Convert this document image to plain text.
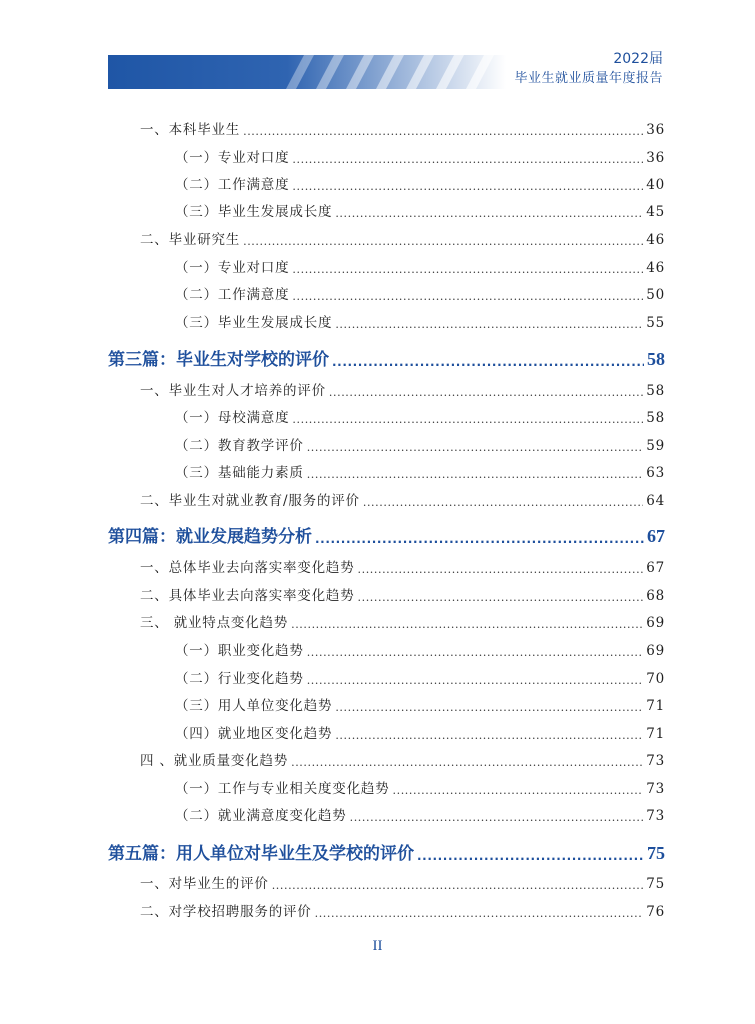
2022届
毕业生就业质量年度报告
一、本科毕业生 .....	36
（一）专业对口度 .....	36
（二）工作满意度 .....	40
（三）毕业生发展成长度 .....	45
二、毕业研究生 .....	46
（一）专业对口度 .....	46
（二）工作满意度 .....	50
（三）毕业生发展成长度 .....	55
第三篇：毕业生对学校的评价 .....	58
一、毕业生对人才培养的评价 .....	58
（一）母校满意度 .....	58
（二）教育教学评价 .....	59
（三）基础能力素质 .....	63
二、毕业生对就业教育/服务的评价 .....	64
第四篇：就业发展趋势分析 .....	67
一、总体毕业去向落实率变化趋势 .....	67
二、具体毕业去向落实率变化趋势 .....	68
三、 就业特点变化趋势 .....	69
（一）职业变化趋势 .....	69
（二）行业变化趋势 .....	70
（三）用人单位变化趋势 .....	71
（四）就业地区变化趋势 .....	71
四 、就业质量变化趋势 .....	73
（一）工作与专业相关度变化趋势 .....	73
（二）就业满意度变化趋势 .....	73
第五篇：用人单位对毕业生及学校的评价 .....	75
一、对毕业生的评价 .....	75
二、对学校招聘服务的评价 .....	76
II
